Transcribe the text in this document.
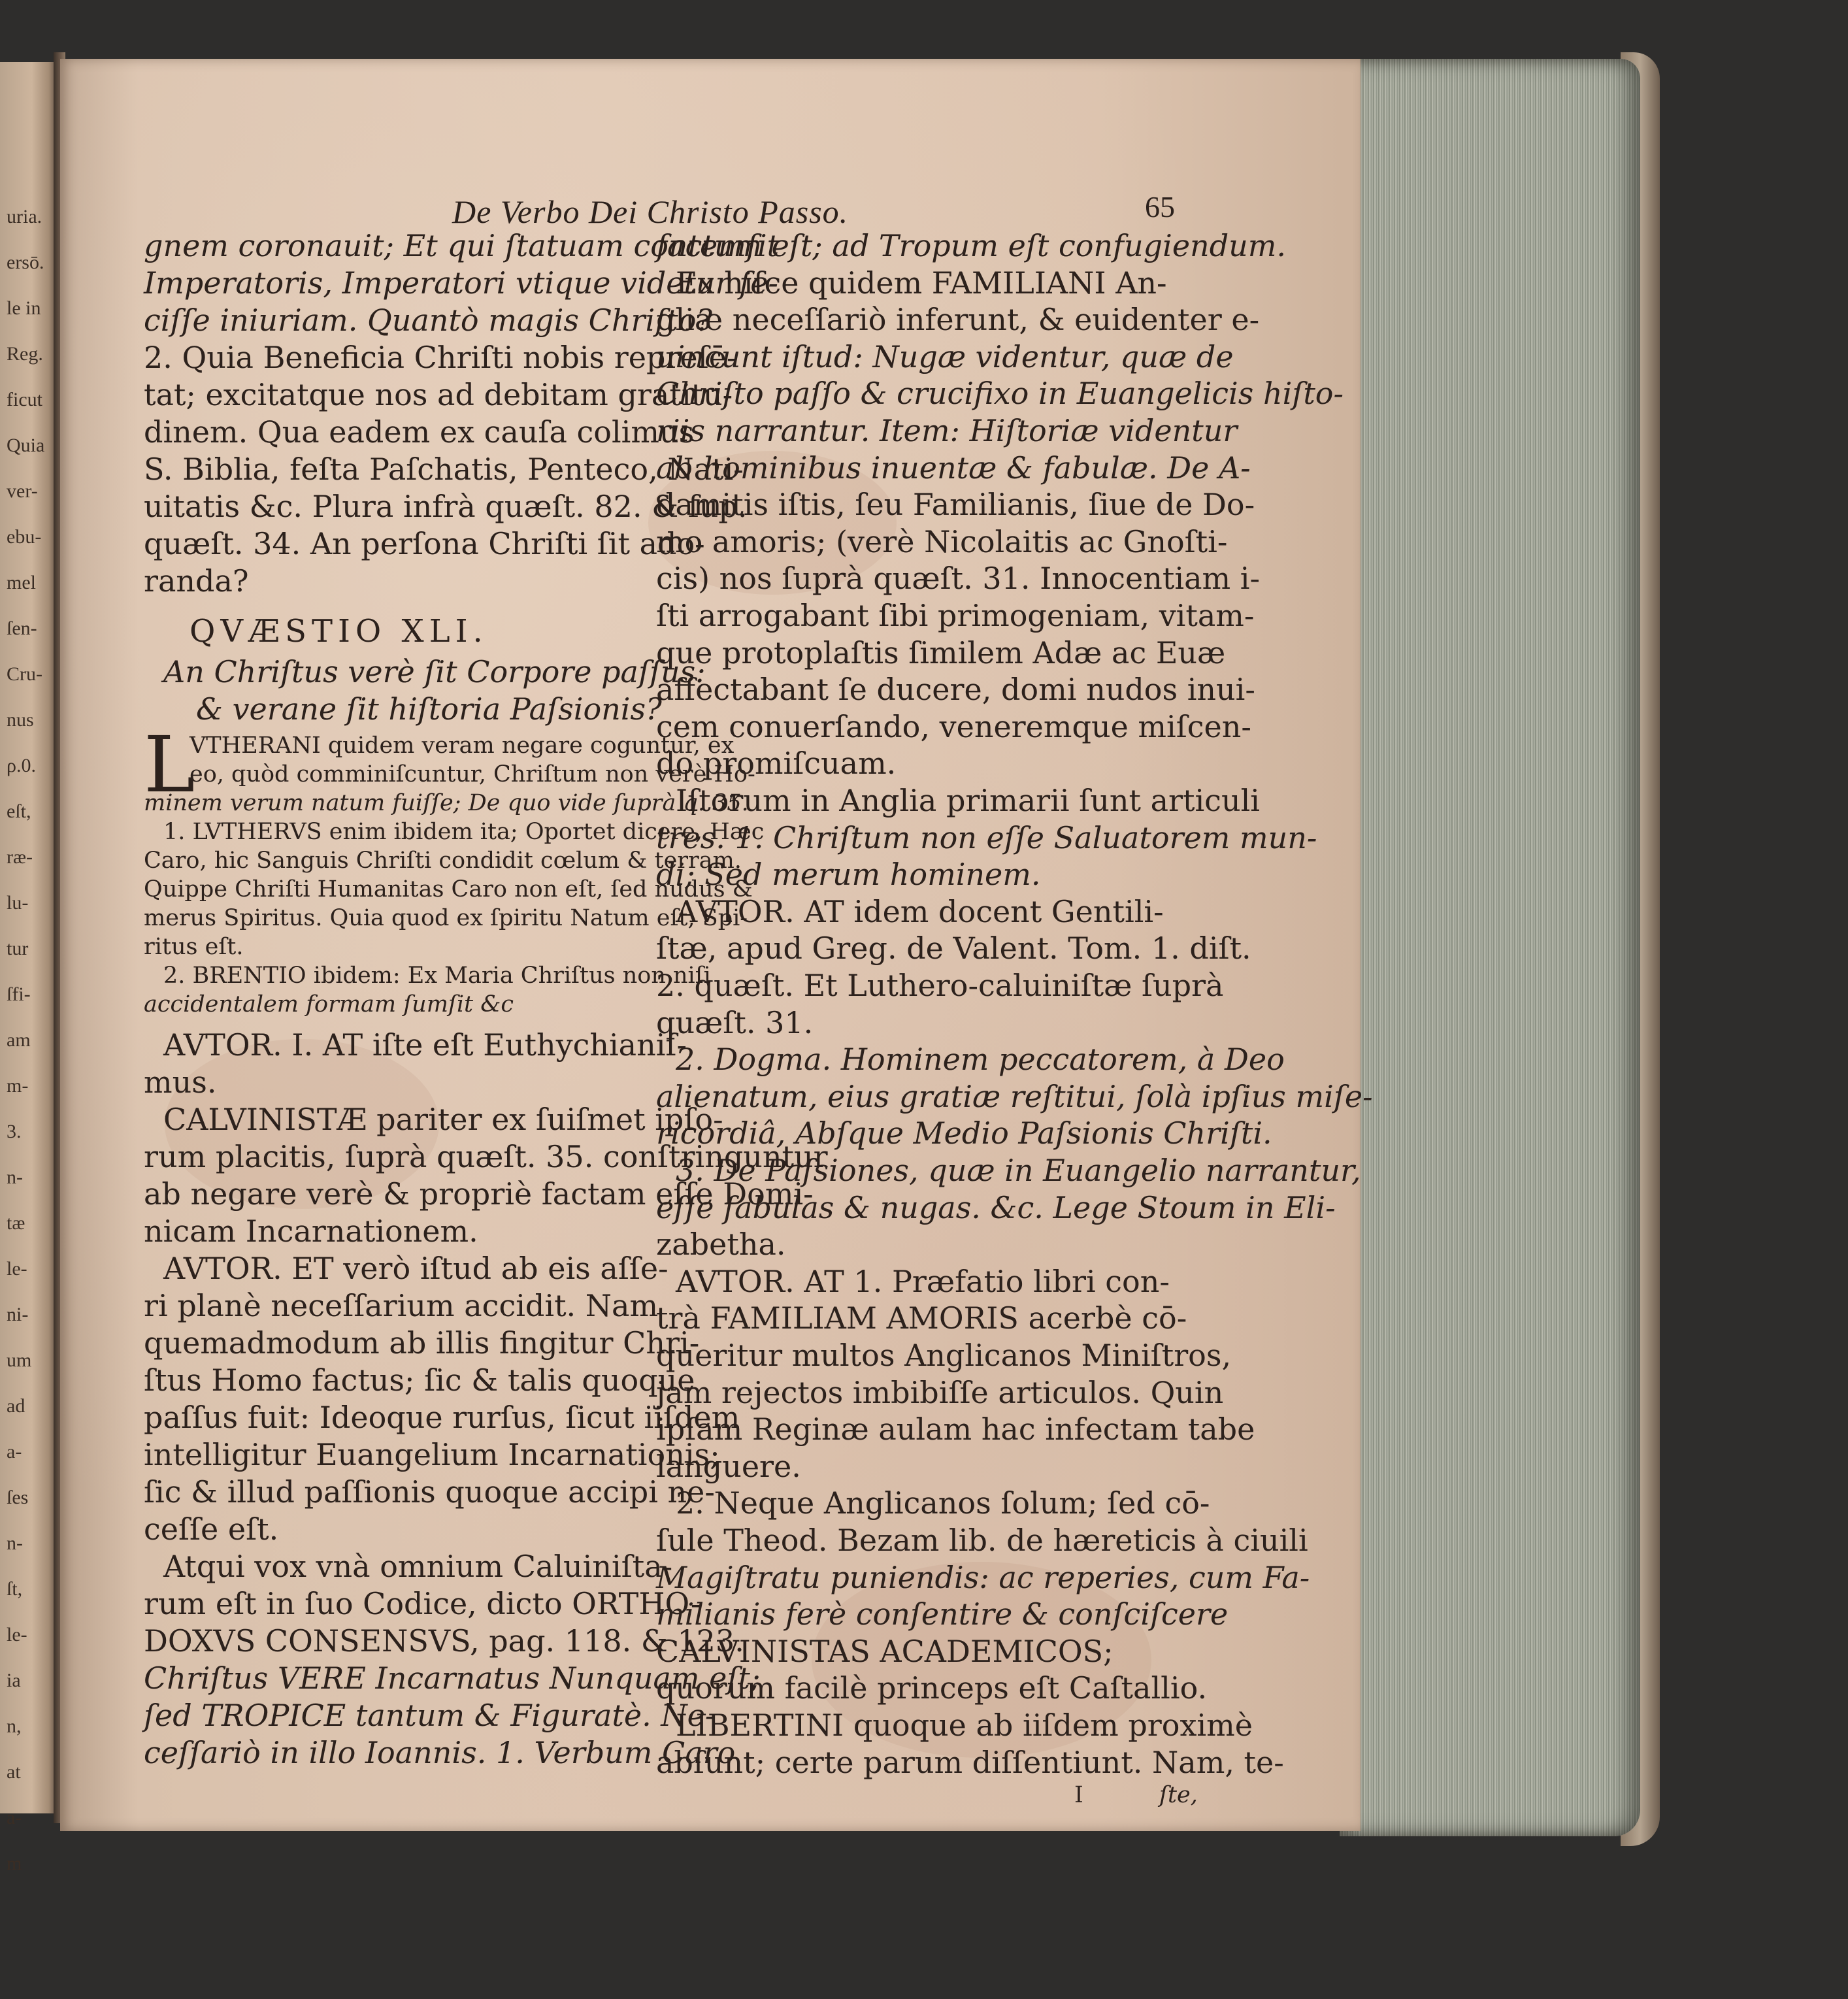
uria.
ersō.
le in
Reg.
ficut
Quia
ver-
ebu-
mel
ſen-
Cru-
nus
ρ.0.
eſt,
ræ-
lu-
tur
ſfi-
am
m-
3.
n-
tæ
le-
ni-
um
ad
a-
ſes
n-
ſt,
le-
ia
n,
at
a-
m
De Verbo Dei Christo Passo.	65
gnem coronauit; Et qui ſtatuam contemſit
Imperatoris, Imperatori vtique videtur fe-
ciſſe iniuriam. Quantò magis Chriſto?
2. Quia Beneficia Chriſti nobis repreſē-
tat; excitatque nos ad debitam gratitu-
dinem. Qua eadem ex cauſa colimus
S. Biblia, feſta Paſchatis, Penteco, Nati-
uitatis &c. Plura infrà quæſt. 82. & ſup.
quæſt. 34. An perſona Chriſti ſit ado-
randa?
QVÆSTIO XLI.
An Chriſtus verè ſit Corpore paſſus:
& verane ſit hiſtoria Paſsionis?
L
VTHERANI quidem veram negare coguntur, ex
eo, quòd comminiſcuntur, Chriſtum non verè Ho-
minem verum natum fuiſſe; De quo vide ſuprà q. 35.
1. LVTHERVS enim ibidem ita; Oportet dicere, Hæc
Caro, hic Sanguis Chriſti condidit cœlum & terram.
Quippe Chriſti Humanitas Caro non eſt, ſed nudus &
merus Spiritus. Quia quod ex ſpiritu Natum eſt, Spi-
ritus eſt.
2. BRENTIO ibidem: Ex Maria Chriſtus non niſi
accidentalem formam ſumſit &c
AVTOR. I. AT iſte eſt Euthychianiſ-
mus.
CALVINISTÆ pariter ex ſuiſmet ipſo-
rum placitis, ſuprà quæſt. 35. conſtringuntur
ab negare verè & propriè factam eſſe Domi-
nicam Incarnationem.
AVTOR. ET verò iſtud ab eis aſſe-
ri planè neceſſarium accidit. Nam
quemadmodum ab illis fingitur Chri-
ſtus Homo factus; ſic & talis quoque
paſſus fuit: Ideoque rurſus, ſicut iiſdem
intelligitur Euangelium Incarnationis;
ſic & illud paſſionis quoque accipi ne-
ceſſe eſt.
Atqui vox vnà omnium Caluiniſta-
rum eſt in ſuo Codice, dicto ORTHO-
DOXVS CONSENSVS, pag. 118. & 123.
Chriſtus VERE Incarnatus Nunquam eſt;
ſed TROPICE tantum & Figuratè. Ne-
ceſſariò in illo Ioannis. 1. Verbum Caro
factum eſt; ad Tropum eſt confugiendum.
Ex hiſce quidem FAMILIANI An-
gliæ neceſſariò inferunt, & euidenter e-
uincunt iſtud: Nugæ videntur, quæ de
Chriſto paſſo & crucifixo in Euangelicis hiſto-
riis narrantur. Item: Hiſtoriæ videntur
ab hominibus inuentæ & fabulæ. De A-
damitis iſtis, ſeu Familianis, ſiue de Do-
mo amoris; (verè Nicolaitis ac Gnoſti-
cis) nos ſuprà quæſt. 31. Innocentiam i-
ſti arrogabant ſibi primogeniam, vitam-
que protoplaſtis ſimilem Adæ ac Euæ
affectabant ſe ducere, domi nudos inui-
cem conuerſando, veneremque miſcen-
do promiſcuam.
Iſtorum in Anglia primarii ſunt articuli
tres. 1. Chriſtum non eſſe Saluatorem mun-
di; Sed merum hominem.
AVTOR. AT idem docent Gentili-
ſtæ, apud Greg. de Valent. Tom. 1. diſt.
2. quæſt. Et Luthero-caluiniſtæ ſuprà
quæſt. 31.
2. Dogma. Hominem peccatorem, à Deo
alienatum, eius gratiæ reſtitui, ſolà ipſius miſe-
ricordiâ, Abſque Medio Paſsionis Chriſti.
3. De Paſsiones, quæ in Euangelio narrantur,
eſſe fabulas & nugas. &c. Lege Stoum in Eli-
zabetha.
AVTOR. AT 1. Præfatio libri con-
trà FAMILIAM AMORIS acerbè cō-
queritur multos Anglicanos Miniſtros,
jam rejectos imbibiſſe articulos. Quin
ipſam Reginæ aulam hac infectam tabe
languere.
2. Neque Anglicanos ſolum; ſed cō-
ſule Theod. Bezam lib. de hæreticis à ciuili
Magiſtratu puniendis: ac reperies, cum Fa-
milianis ferè conſentire & conſciſcere
CALVINISTAS ACADEMICOS;
quorum facilè princeps eſt Caſtallio.
LIBERTINI quoque ab iiſdem proximè
abſunt; certe parum diſſentiunt. Nam, te-
I	ſte,
